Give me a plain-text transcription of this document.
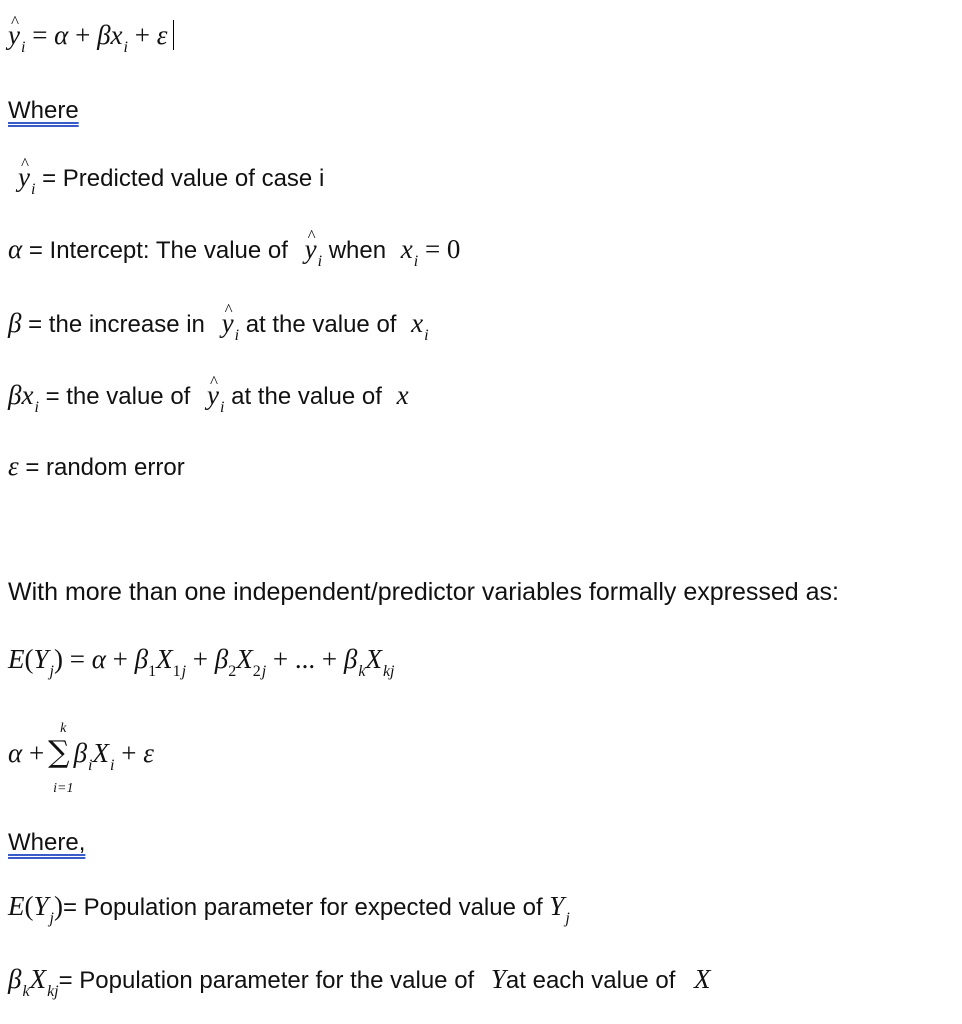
^ $y_i = \alpha + \beta x_i + \varepsilon$
Where
^ $y_i$ = Predicted value of case i
α = Intercept: The value of ^ $y_i$ when $x_i = 0$
β = the increase in ^ $y_i$ at the value of $x_i$
$\beta x_i$ = the value of ^ $y_i$ at the value of x
ε = random error
With more than one independent/predictor variables formally expressed as:
$E(Y_j) = \alpha + \beta_1X_{1j} + \beta_2X_{2j}$ + ... + $\beta_kX_{kj}$
α + ∑
k
i=1
$\beta_iX_i + \varepsilon$
Where,
$E(Y_j)=$ Population parameter for expected value of $Y_j$
$\beta_kX_{kj}=$ Population parameter for the value of Yat each value of X
